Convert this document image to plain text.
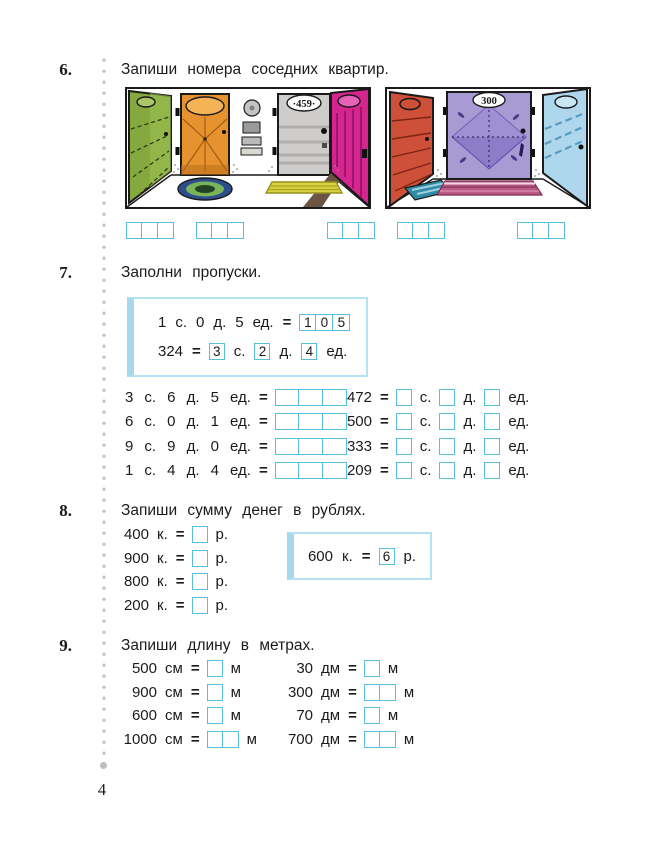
6.	Запиши номера соседних квартир.
·459·	300
7.	Заполни пропуски.
1 с. 0 д. 5 ед. =	1 0 5
324 = 3 с. 2 д. 4 ед.
3 с. 6 д. 5 ед. =
6 с. 0 д. 1 ед. =
9 с. 9 д. 0 ед. =
1 с. 4 д. 4 ед. =
472 = с. д. ед.
500 = с. д. ед.
333 = с. д. ед.
209 = с. д. ед.
8.	Запиши сумму денег в рублях.
400 к. = р.
900 к. = р.
800 к. = р.
200 к. = р.
600 к. = 6 р.
9.	Запиши длину в метрах.
500 см = м
900 см = м
600 см = м
1000 см =	м
30 дм = м
300 дм =	м
70 дм = м
700 дм =	м
4
